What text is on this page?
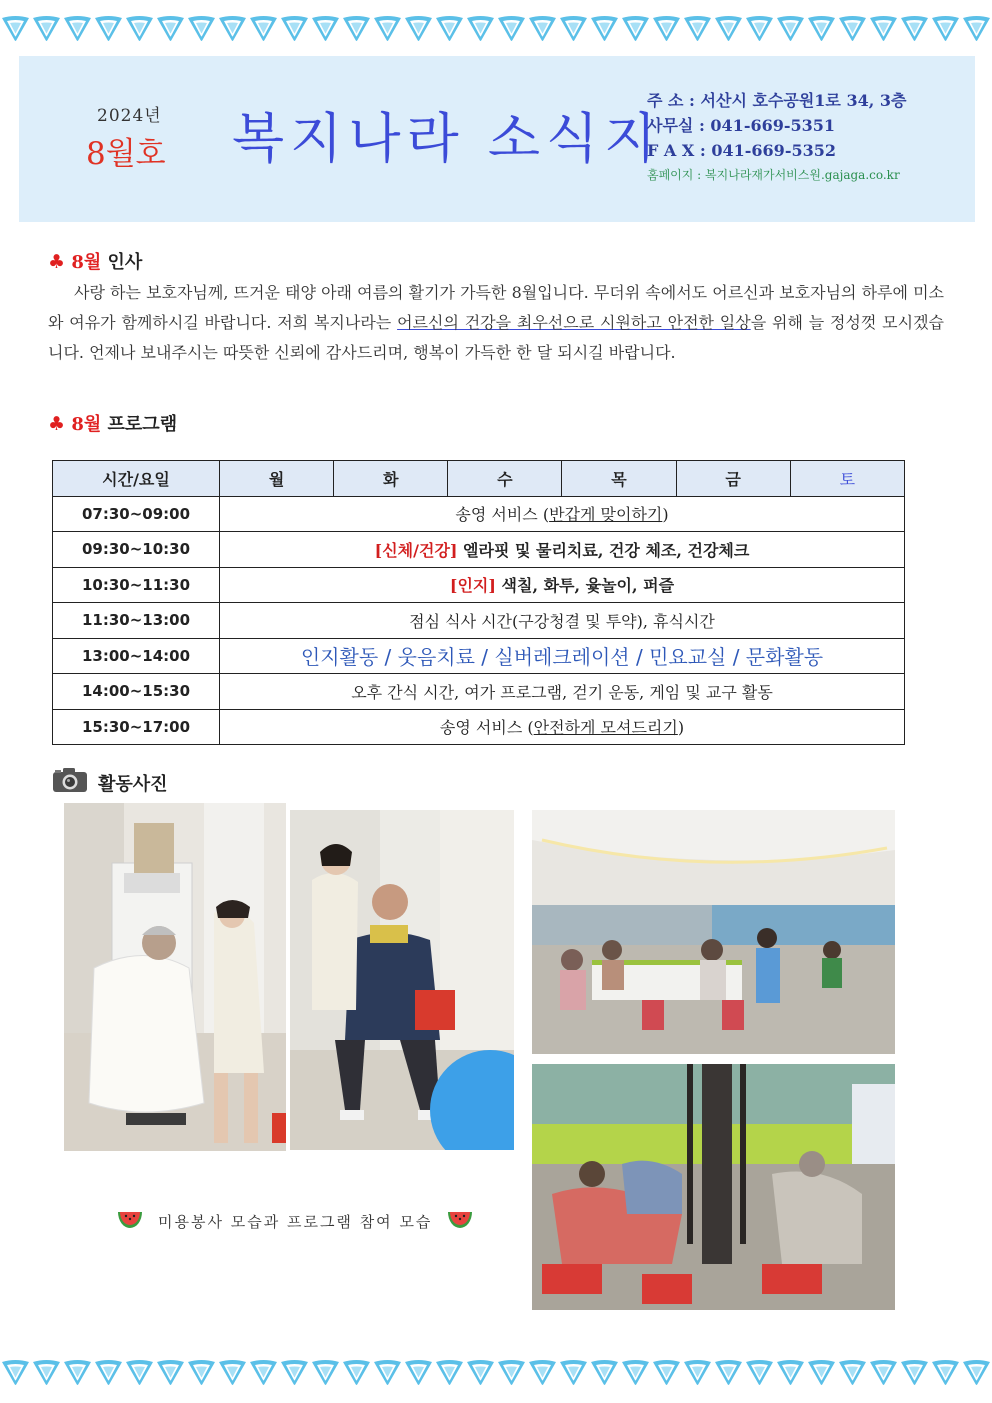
2024년
8월호 복지나라 소식지
주 소 : 서산시 호수공원1로 34, 3층
사무실 : 041-669-5351
F A X : 041-669-5352
홈페이지 : 복지나라재가서비스원.gajaga.co.kr
♣ 8월 인사
사랑 하는 보호자님께, 뜨거운 태양 아래 여름의 활기가 가득한 8월입니다. 무더위 속에서도 어르신과 보호자님의 하루에 미소와 여유가 함께하시길 바랍니다. 저희 복지나라는 어르신의 건강을 최우선으로 시원하고 안전한 일상을 위해 늘 정성껏 모시겠습니다. 언제나 보내주시는 따뜻한 신뢰에 감사드리며, 행복이 가득한 한 달 되시길 바랍니다.
♣ 8월 프로그램
시간/요일	월	화	수	목	금	토
07:30~09:00	송영 서비스 (반갑게 맞이하기)					
09:30~10:30	[신체/건강] 엘라핏 및 물리치료, 건강 체조, 건강체크					
10:30~11:30	[인지] 색칠, 화투, 윷놀이, 퍼즐					
11:30~13:00	점심 식사 시간(구강청결 및 투약), 휴식시간					
13:00~14:00	인지활동 / 웃음치료 / 실버레크레이션 / 민요교실 / 문화활동					
14:00~15:30	오후 간식 시간, 여가 프로그램, 걷기 운동, 게임 및 교구 활동					
15:30~17:00	송영 서비스 (안전하게 모셔드리기)					
활동사진
미용봉사 모습과 프로그램 참여 모습
